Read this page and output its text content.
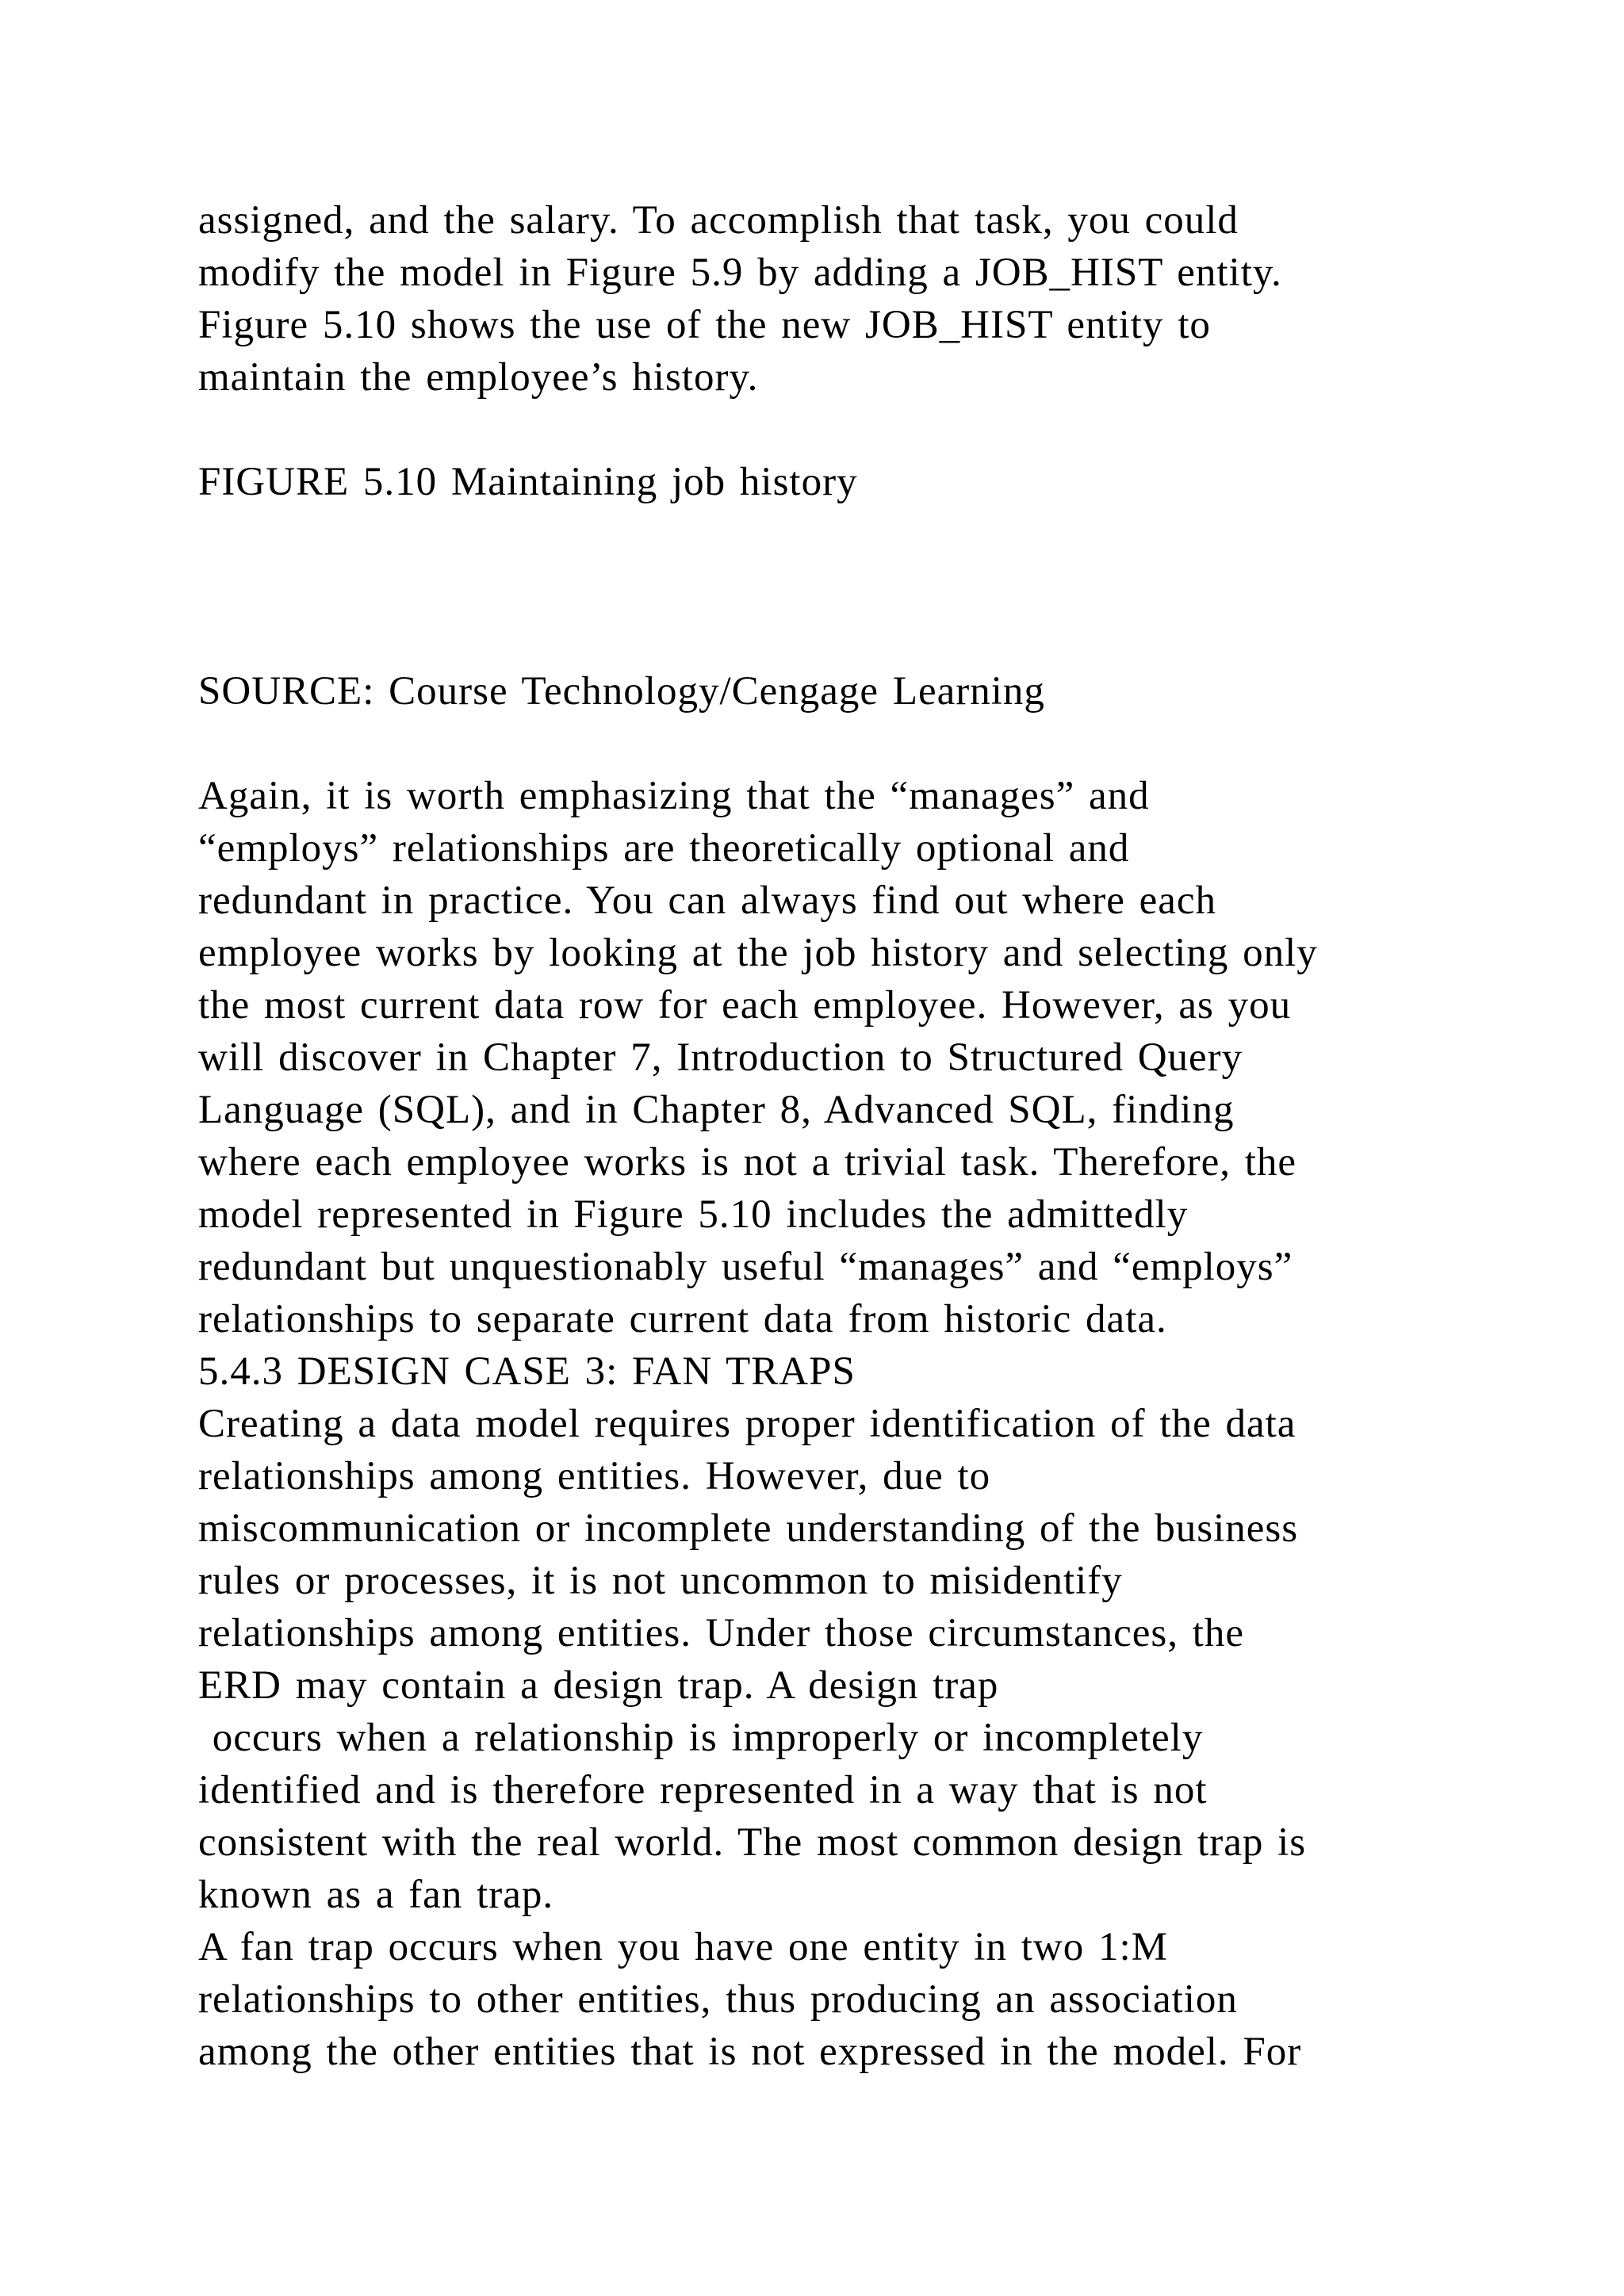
assigned, and the salary. To accomplish that task, you could

modify the model in Figure 5.9 by adding a JOB_HIST entity.

Figure 5.10 shows the use of the new JOB_HIST entity to

maintain the employee’s history.

FIGURE 5.10 Maintaining job history

SOURCE: Course Technology/Cengage Learning

Again, it is worth emphasizing that the “manages” and

“employs” relationships are theoretically optional and

redundant in practice. You can always find out where each

employee works by looking at the job history and selecting only

the most current data row for each employee. However, as you

will discover in Chapter 7, Introduction to Structured Query

Language (SQL), and in Chapter 8, Advanced SQL, finding

where each employee works is not a trivial task. Therefore, the

model represented in Figure 5.10 includes the admittedly

redundant but unquestionably useful “manages” and “employs”

relationships to separate current data from historic data.

5.4.3 DESIGN CASE 3: FAN TRAPS

Creating a data model requires proper identification of the data

relationships among entities. However, due to

miscommunication or incomplete understanding of the business

rules or processes, it is not uncommon to misidentify

relationships among entities. Under those circumstances, the

ERD may contain a design trap. A design trap

occurs when a relationship is improperly or incompletely

identified and is therefore represented in a way that is not

consistent with the real world. The most common design trap is

known as a fan trap.

A fan trap occurs when you have one entity in two 1:M

relationships to other entities, thus producing an association

among the other entities that is not expressed in the model. For
